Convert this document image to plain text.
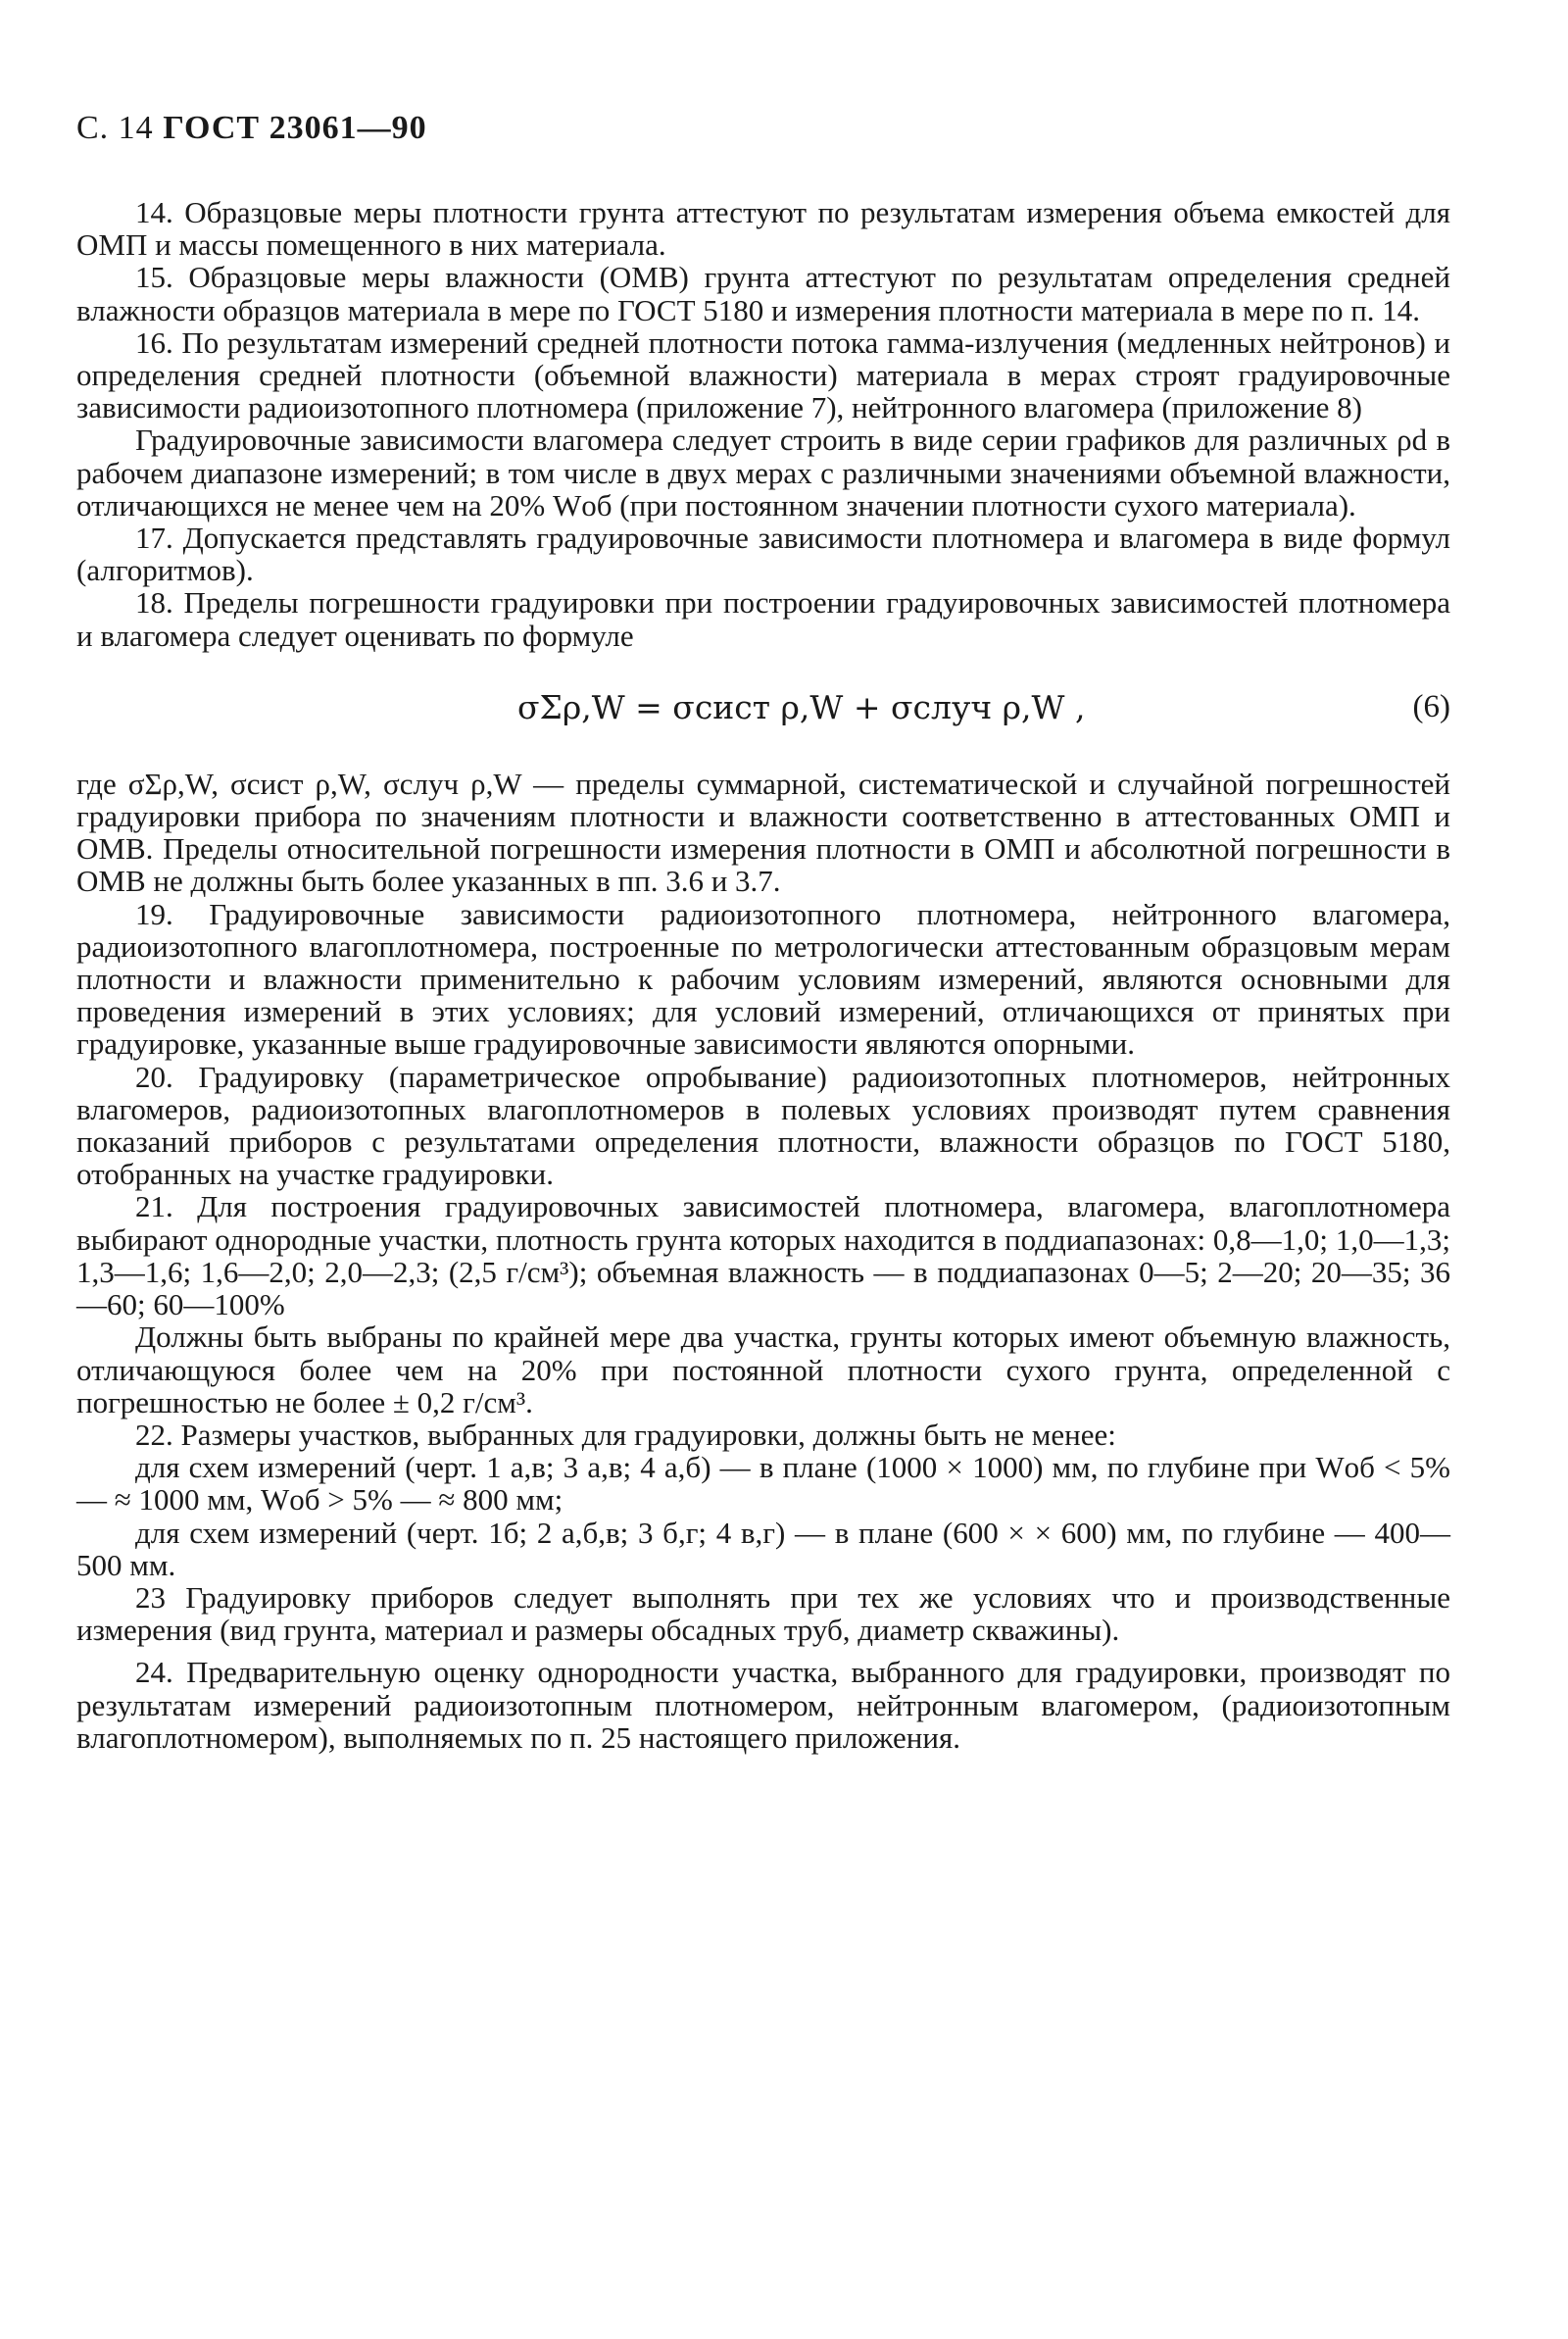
С. 14 ГОСТ 23061—90

14. Образцовые меры плотности грунта аттестуют по результатам измерения объема емкостей для ОМП и массы помещенного в них материала.

15. Образцовые меры влажности (ОМВ) грунта аттестуют по результатам определения средней влажности образцов материала в мере по ГОСТ 5180 и измерения плотности материала в мере по п. 14.

16. По результатам измерений средней плотности потока гамма-излучения (медленных нейтронов) и определения средней плотности (объемной влажности) материала в мерах строят градуировочные зависимости радиоизотопного плотномера (приложение 7), нейтронного влагомера (приложение 8)

Градуировочные зависимости влагомера следует строить в виде серии графиков для различных ρd в рабочем диапазоне измерений; в том числе в двух мерах с различными значениями объемной влажности, отличающихся не менее чем на 20% Wоб (при постоянном значении плотности сухого материала).

17. Допускается представлять градуировочные зависимости плотномера и влагомера в виде формул (алгоритмов).

18. Пределы погрешности градуировки при построении градуировочных зависимостей плотномера и влагомера следует оценивать по формуле

σΣρ,W = σсист ρ,W + σслуч ρ,W ,	(6)

где σΣρ,W, σсист ρ,W, σслуч ρ,W — пределы суммарной, систематической и случайной погрешностей градуировки прибора по значениям плотности и влажности соответственно в аттестованных ОМП и ОМВ. Пределы относительной погрешности измерения плотности в ОМП и абсолютной погрешности в ОМВ не должны быть более указанных в пп. 3.6 и 3.7.

19. Градуировочные зависимости радиоизотопного плотномера, нейтронного влагомера, радиоизотопного влагоплотномера, построенные по метрологически аттестованным образцовым мерам плотности и влажности применительно к рабочим условиям измерений, являются основными для проведения измерений в этих условиях; для условий измерений, отличающихся от принятых при градуировке, указанные выше градуировочные зависимости являются опорными.

20. Градуировку (параметрическое опробывание) радиоизотопных плотномеров, нейтронных влагомеров, радиоизотопных влагоплотномеров в полевых условиях производят путем сравнения показаний приборов с результатами определения плотности, влажности образцов по ГОСТ 5180, отобранных на участке градуировки.

21. Для построения градуировочных зависимостей плотномера, влагомера, влагоплотномера выбирают однородные участки, плотность грунта которых находится в поддиапазонах: 0,8—1,0; 1,0—1,3; 1,3—1,6; 1,6—2,0; 2,0—2,3; (2,5 г/см³); объемная влажность — в поддиапазонах 0—5; 2—20; 20—35; 36—60; 60—100%

Должны быть выбраны по крайней мере два участка, грунты которых имеют объемную влажность, отличающуюся более чем на 20% при постоянной плотности сухого грунта, определенной с погрешностью не более ± 0,2 г/см³.

22. Размеры участков, выбранных для градуировки, должны быть не менее:

для схем измерений (черт. 1 а,в; 3 а,в; 4 а,б) — в плане (1000 × 1000) мм, по глубине при Wоб < 5% — ≈ 1000 мм, Wоб > 5% — ≈ 800 мм;

для схем измерений (черт. 1б; 2 а,б,в; 3 б,г; 4 в,г) — в плане (600 × × 600) мм, по глубине — 400—500 мм.

23 Градуировку приборов следует выполнять при тех же условиях что и производственные измерения (вид грунта, материал и размеры обсадных труб, диаметр скважины).

24. Предварительную оценку однородности участка, выбранного для градуировки, производят по результатам измерений радиоизотопным плотномером, нейтронным влагомером, (радиоизотопным влагоплотномером), выполняемых по п. 25 настоящего приложения.
